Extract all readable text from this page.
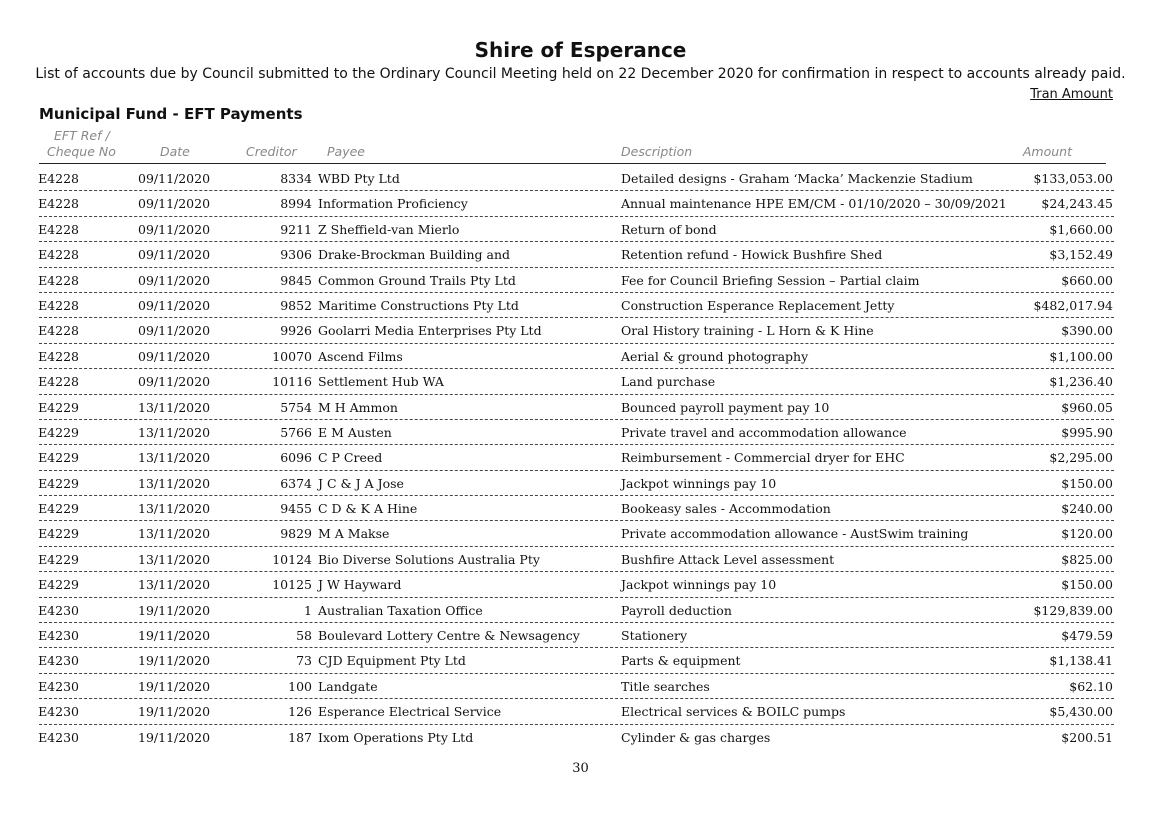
Shire of Esperance
List of accounts due by Council submitted to the Ordinary Council Meeting held on 22 December 2020 for confirmation in respect to accounts already paid.
Tran Amount
Municipal Fund - EFT Payments
EFT Ref /
Cheque No	Date	Creditor Payee	Description	Amount
E4228	09/11/2020	8334 WBD Pty Ltd	Detailed designs - Graham ‘Macka’ Mackenzie Stadium	$133,053.00
E4228	09/11/2020	8994 Information Proficiency	Annual maintenance HPE EM/CM - 01/10/2020 – 30/09/2021	$24,243.45
E4228	09/11/2020	9211 Z Sheffield-van Mierlo	Return of bond	$1,660.00
E4228	09/11/2020	9306 Drake-Brockman Building and	Retention refund - Howick Bushfire Shed	$3,152.49
E4228	09/11/2020	9845 Common Ground Trails Pty Ltd	Fee for Council Briefing Session – Partial claim	$660.00
E4228	09/11/2020	9852 Maritime Constructions Pty Ltd	Construction Esperance Replacement Jetty	$482,017.94
E4228	09/11/2020	9926 Goolarri Media Enterprises Pty Ltd	Oral History training - L Horn & K Hine	$390.00
E4228	09/11/2020	10070 Ascend Films	Aerial & ground photography	$1,100.00
E4228	09/11/2020	10116 Settlement Hub WA	Land purchase	$1,236.40
E4229	13/11/2020	5754 M H Ammon	Bounced payroll payment pay 10	$960.05
E4229	13/11/2020	5766 E M Austen	Private travel and accommodation allowance	$995.90
E4229	13/11/2020	6096 C P Creed	Reimbursement - Commercial dryer for EHC	$2,295.00
E4229	13/11/2020	6374 J C & J A Jose	Jackpot winnings pay 10	$150.00
E4229	13/11/2020	9455 C D & K A Hine	Bookeasy sales - Accommodation	$240.00
E4229	13/11/2020	9829 M A Makse	Private accommodation allowance - AustSwim training	$120.00
E4229	13/11/2020	10124 Bio Diverse Solutions Australia Pty	Bushfire Attack Level assessment	$825.00
E4229	13/11/2020	10125 J W Hayward	Jackpot winnings pay 10	$150.00
E4230	19/11/2020	1 Australian Taxation Office	Payroll deduction	$129,839.00
E4230	19/11/2020	58 Boulevard Lottery Centre & Newsagency	Stationery	$479.59
E4230	19/11/2020	73 CJD Equipment Pty Ltd	Parts & equipment	$1,138.41
E4230	19/11/2020	100 Landgate	Title searches	$62.10
E4230	19/11/2020	126 Esperance Electrical Service	Electrical services & BOILC pumps	$5,430.00
E4230	19/11/2020	187 Ixom Operations Pty Ltd	Cylinder & gas charges	$200.51
30
